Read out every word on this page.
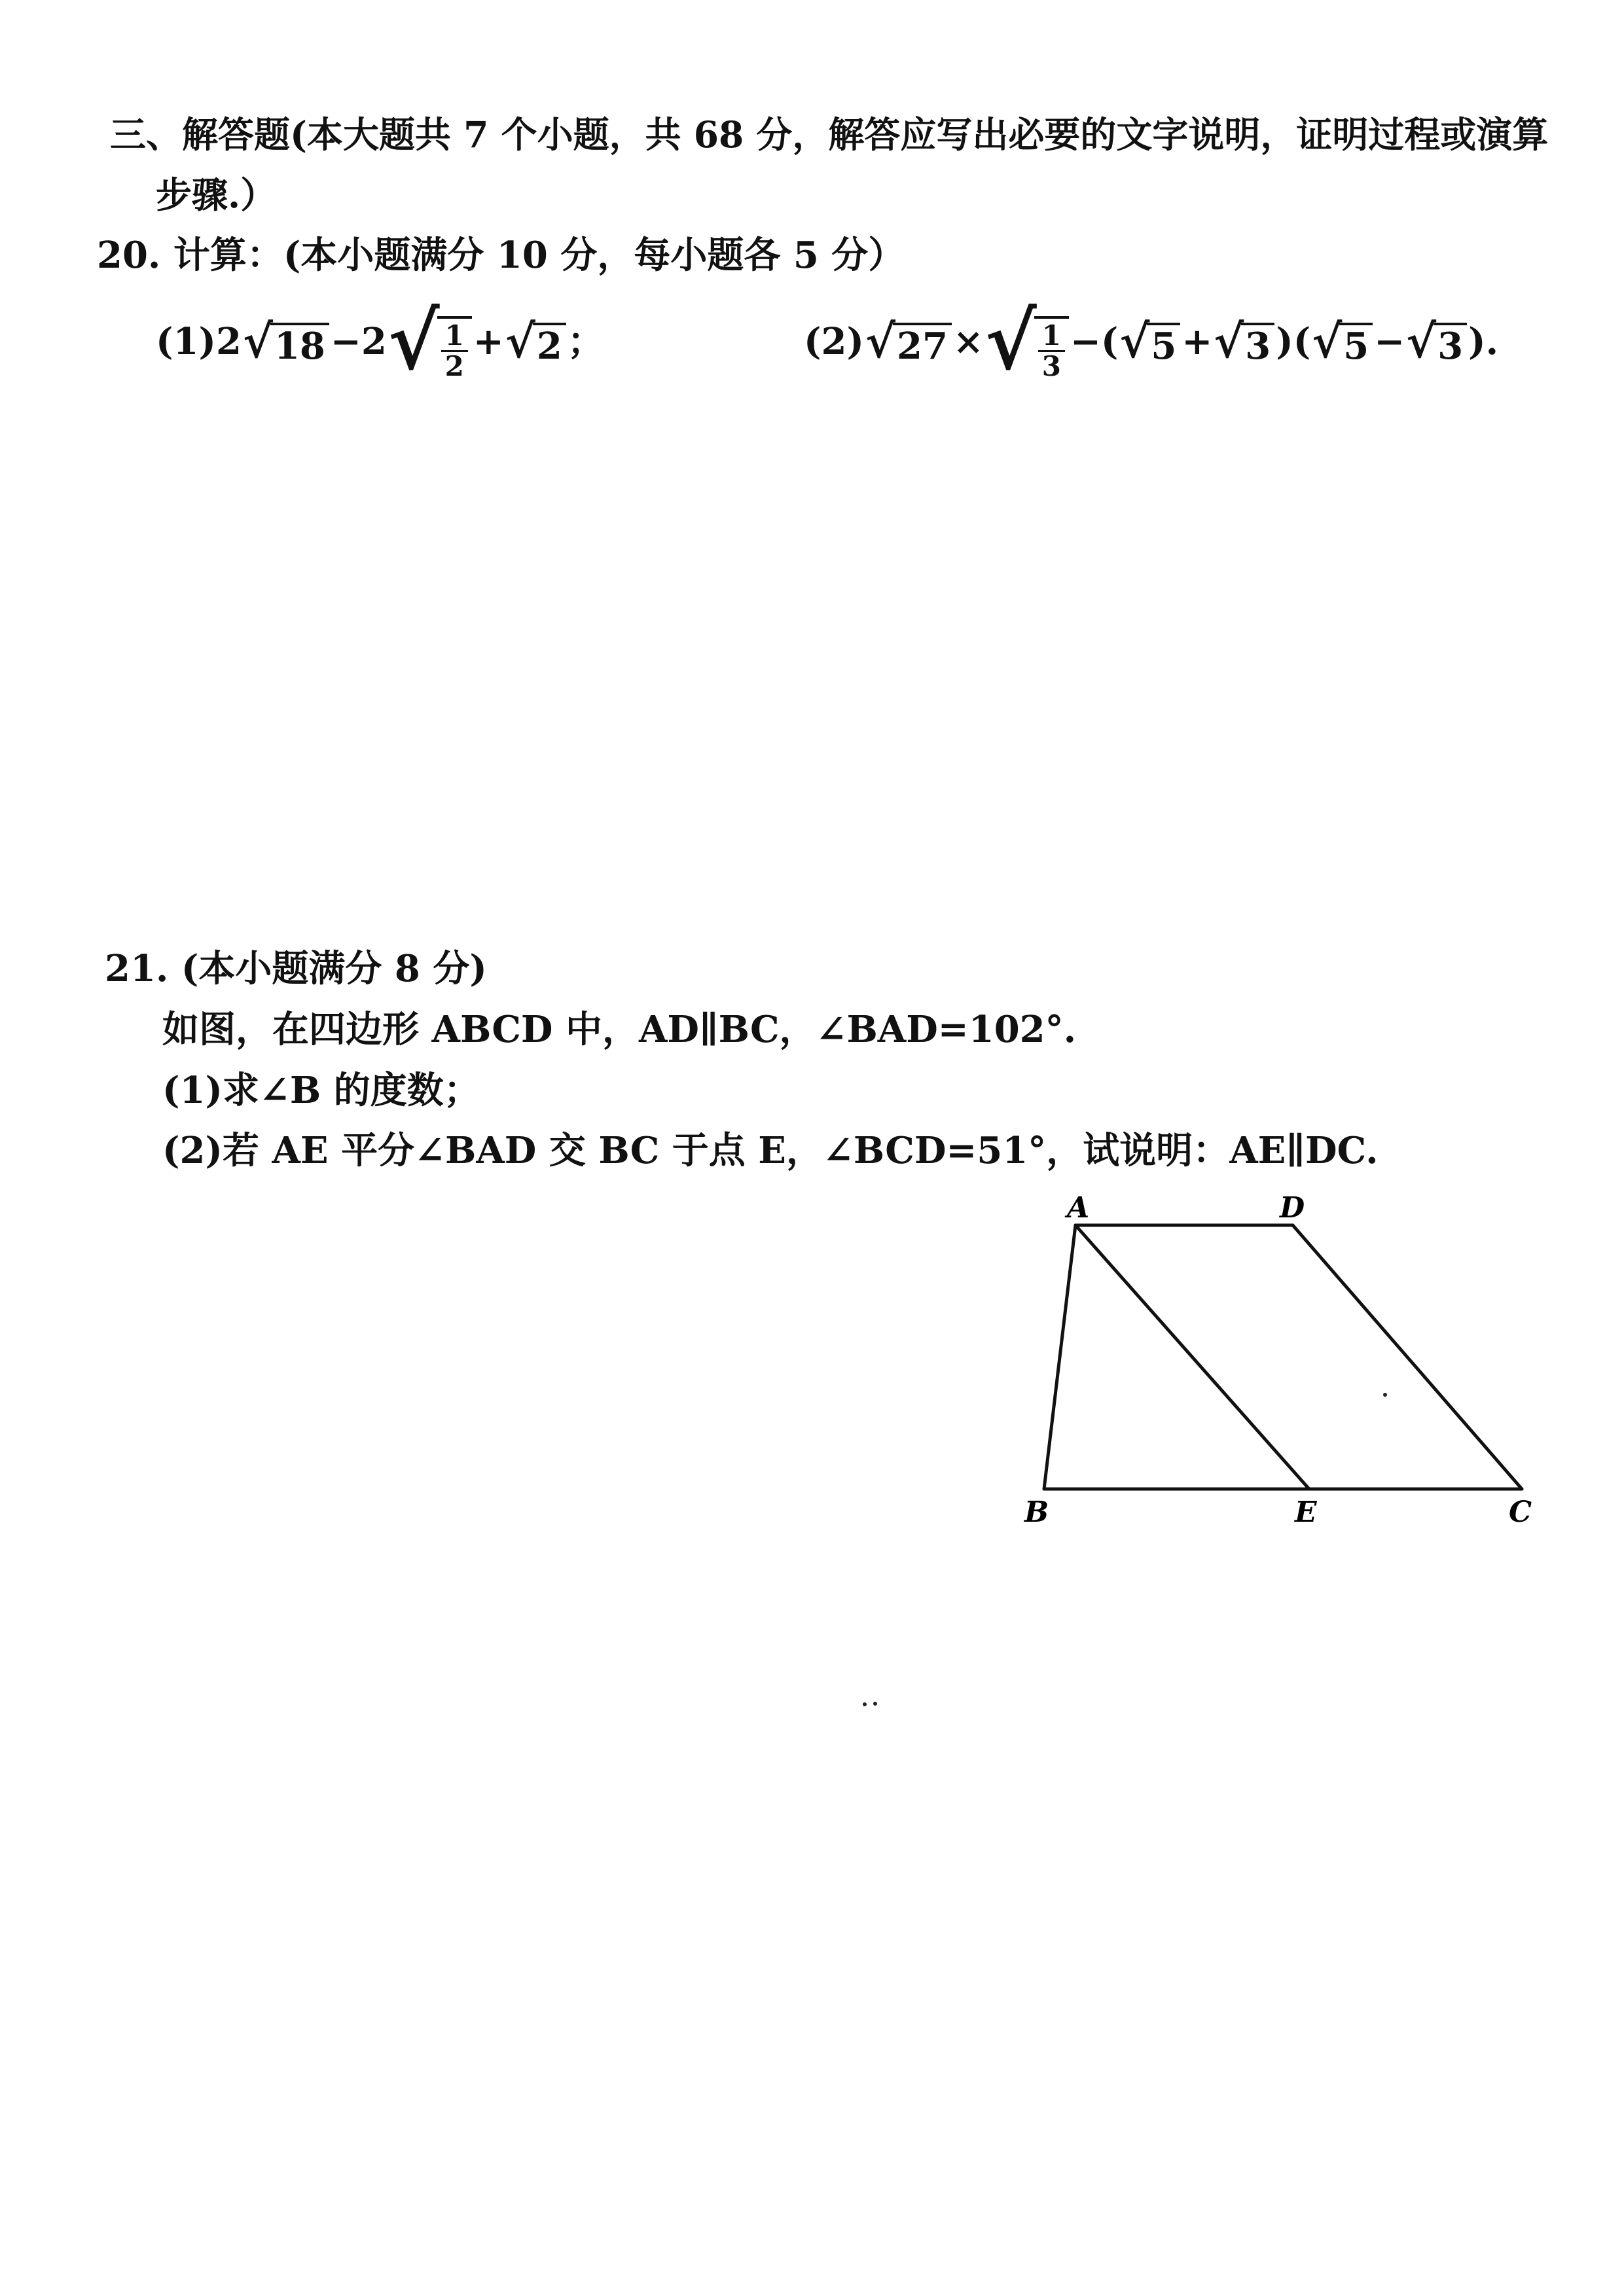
三、解答题(本大题共 7 个小题，共 68 分，解答应写出必要的文字说明，证明过程或演算
步骤.）
20. 计算：(本小题满分 10 分，每小题各 5 分）
(1) 2 √ 18 −2 √ $\frac{1}{2}$ + √ 2 ；	(2) √ 27 × √ $\frac{1}{3}$ −( √ 5 + √ 3 )( √ 5 − √ 3 ).
21. (本小题满分 8 分)
如图，在四边形 ABCD 中，AD∥BC，∠BAD=102°.
(1)求∠B 的度数；
(2)若 AE 平分∠BAD 交 BC 于点 E，∠BCD=51°，试说明：AE∥DC.
A	D
B	E	C
